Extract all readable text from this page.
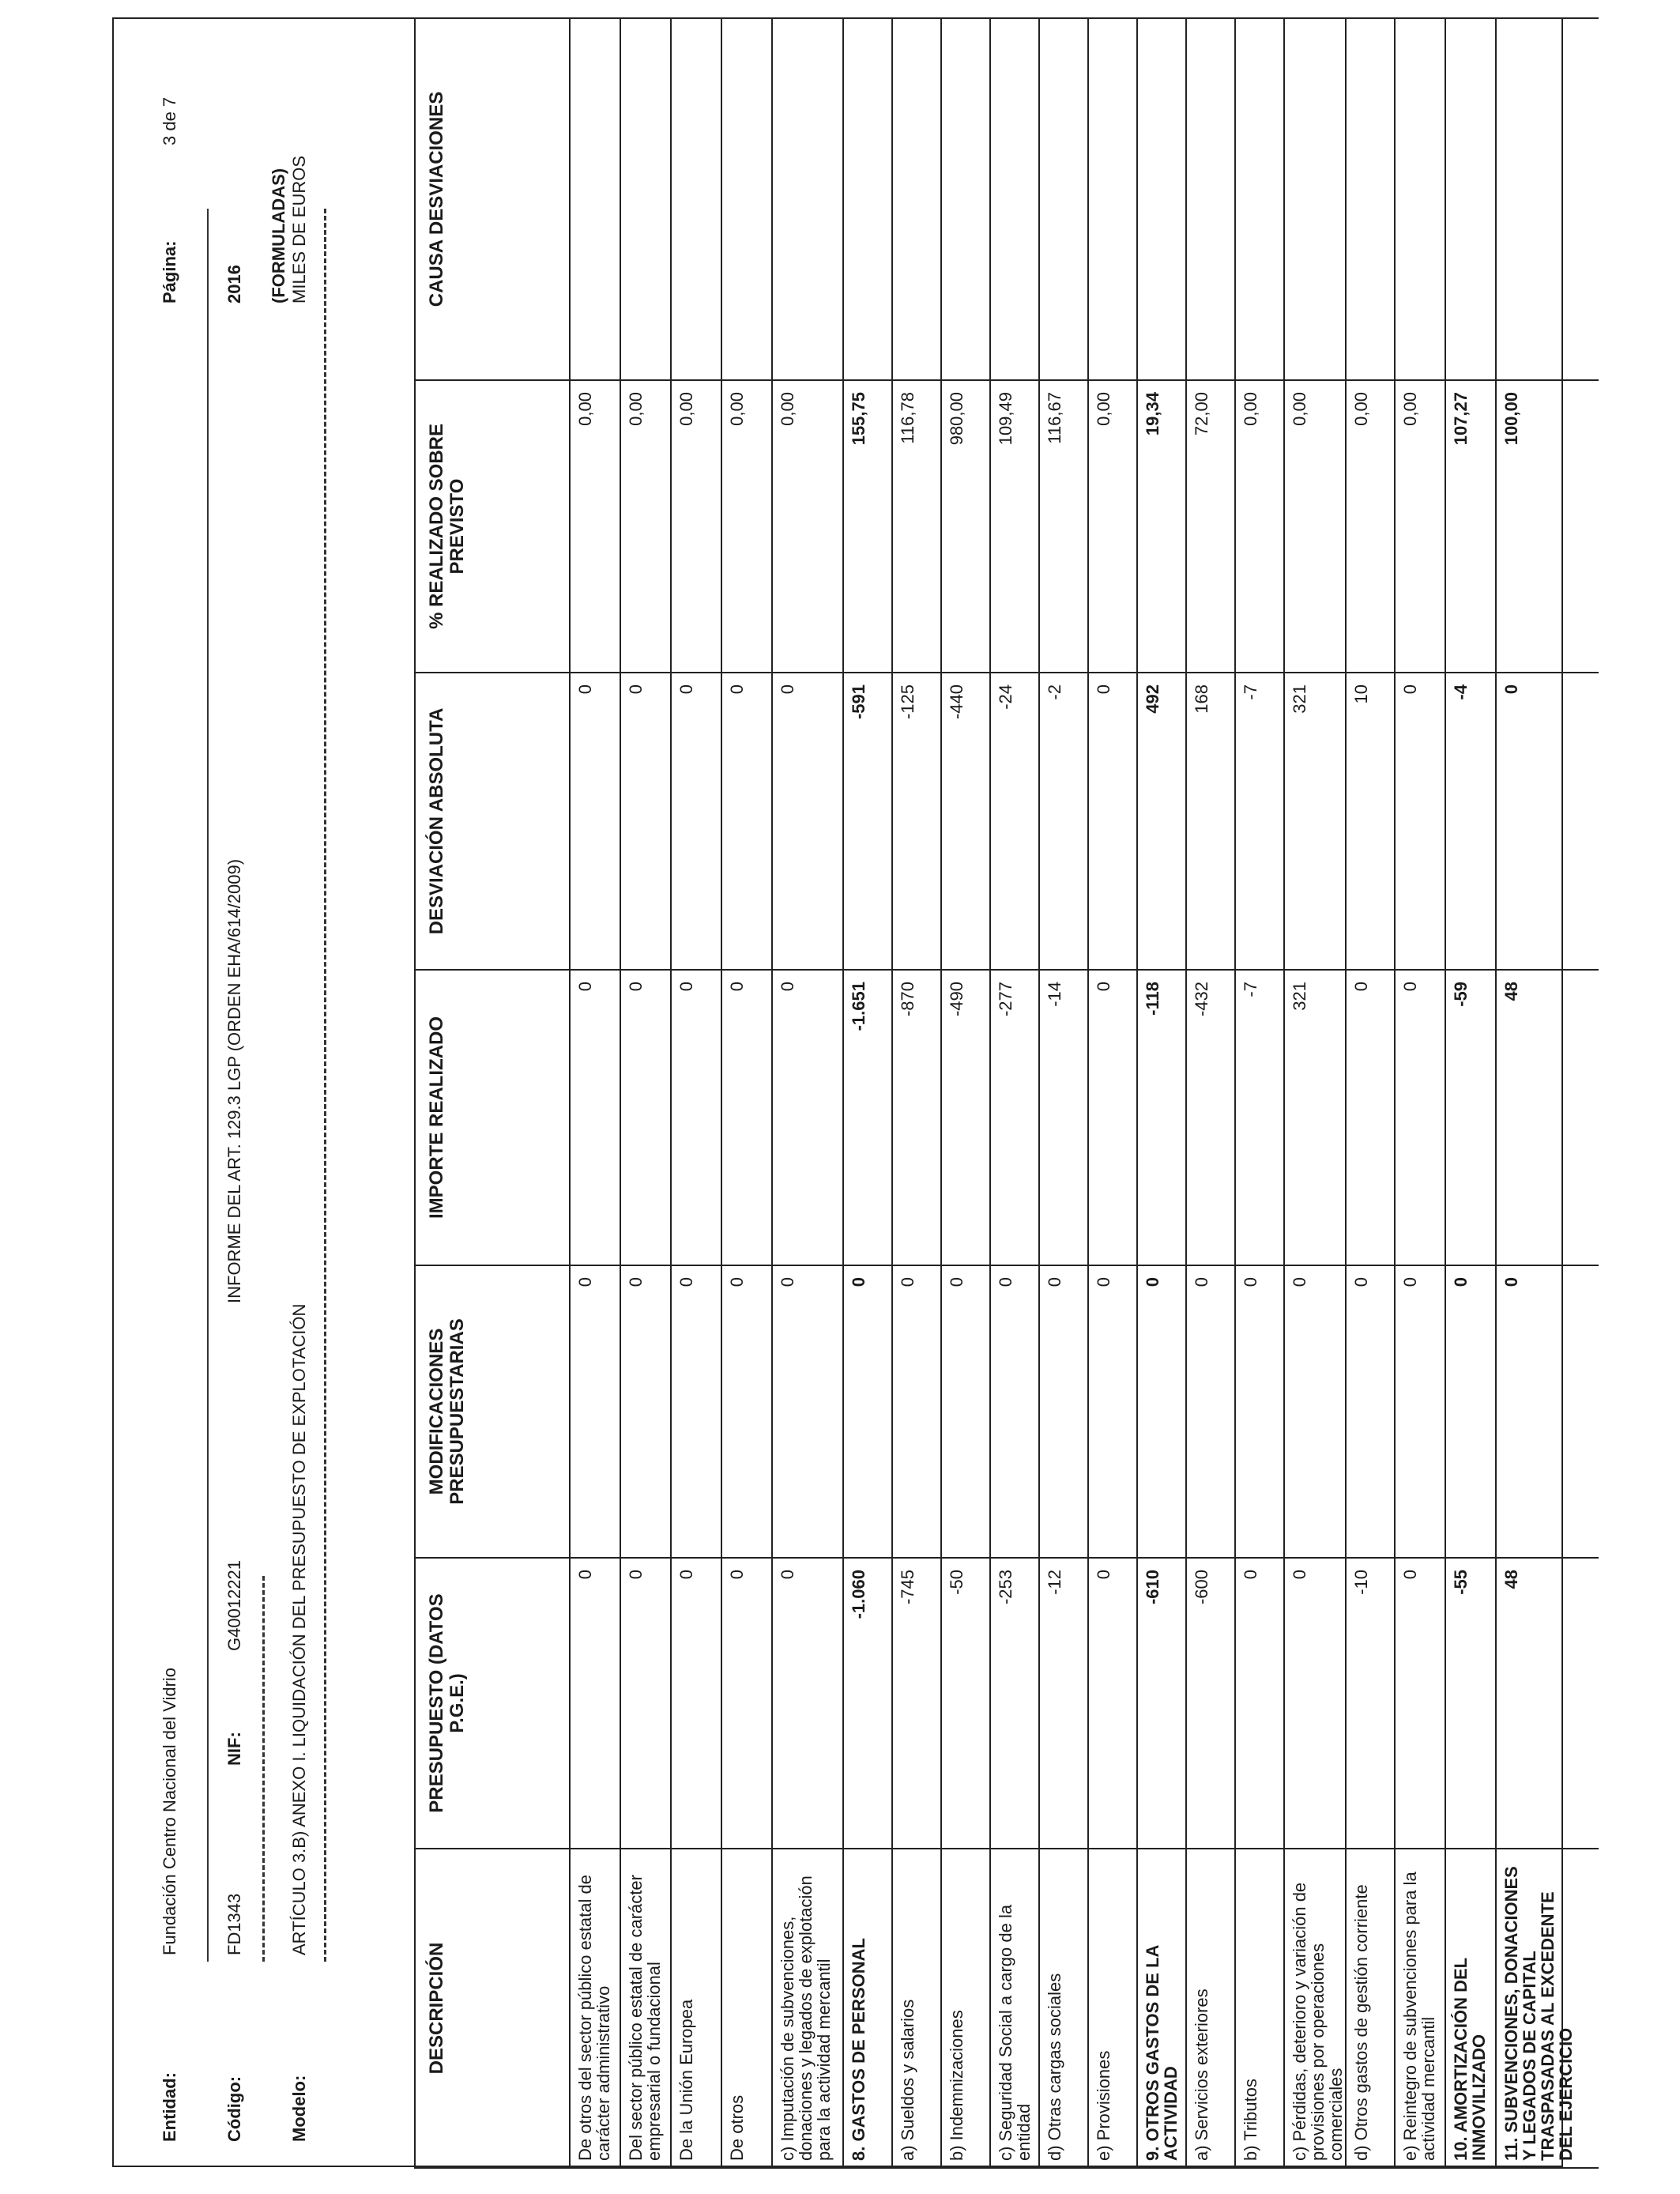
Entidad:
Fundación Centro Nacional del Vidrio
Página:
3 de 7
Código:
FD1343
NIF:
G40012221
INFORME DEL ART. 129.3 LGP (ORDEN EHA/614/2009)
2016 (FORMULADAS)
Modelo:
ARTÍCULO 3.B) ANEXO I. LIQUIDACIÓN DEL PRESUPUESTO DE EXPLOTACIÓN
MILES DE EUROS
DESCRIPCIÓN	PRESUPUESTO (DATOS P.G.E.)	MODIFICACIONES PRESUPUESTARIAS	IMPORTE REALIZADO	DESVIACIÓN ABSOLUTA	% REALIZADO SOBRE PREVISTO	CAUSA DESVIACIONES
De otros del sector público estatal de carácter administrativo	0	0	0	0	0,00	
Del sector público estatal de carácter empresarial o fundacional	0	0	0	0	0,00	
De la Unión Europea	0	0	0	0	0,00	
De otros	0	0	0	0	0,00	
c) Imputación de subvenciones, donaciones y legados de explotación para la actividad mercantil	0	0	0	0	0,00	
8. GASTOS DE PERSONAL	-1.060	0	-1.651	-591	155,75	
a) Sueldos y salarios	-745	0	-870	-125	116,78	
b) Indemnizaciones	-50	0	-490	-440	980,00	
c) Seguridad Social a cargo de la entidad	-253	0	-277	-24	109,49	
d) Otras cargas sociales	-12	0	-14	-2	116,67	
e) Provisiones	0	0	0	0	0,00	
9. OTROS GASTOS DE LA ACTIVIDAD	-610	0	-118	492	19,34	
a) Servicios exteriores	-600	0	-432	168	72,00	
b) Tributos	0	0	-7	-7	0,00	
c) Pérdidas, deterioro y variación de provisiones por operaciones comerciales	0	0	321	321	0,00	
d) Otros gastos de gestión corriente	-10	0	0	10	0,00	
e) Reintegro de subvenciones para la actividad mercantil	0	0	0	0	0,00	
10. AMORTIZACIÓN DEL INMOVILIZADO	-55	0	-59	-4	107,27	
11. SUBVENCIONES, DONACIONES Y LEGADOS DE CAPITAL TRASPASADAS AL EXCEDENTE DEL EJERCICIO	48	0	48	0	100,00	
